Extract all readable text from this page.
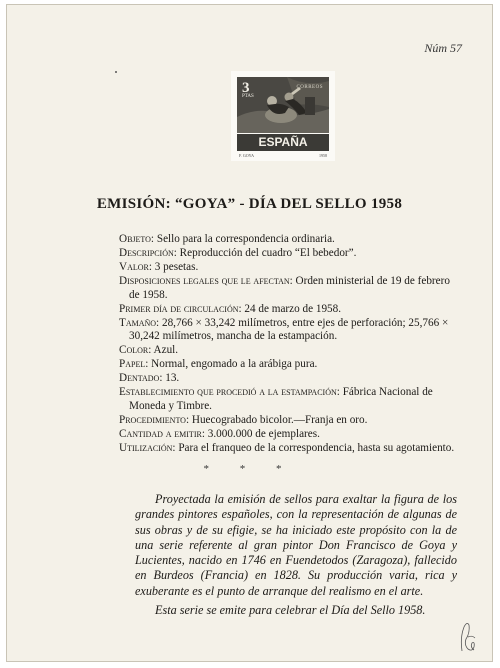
Núm 57
3
PTAS
CORREOS
ESPAÑA
F. GOYA	1958
EMISIÓN: “GOYA” - DÍA DEL SELLO 1958
Objeto: Sello para la correspondencia ordinaria.
Descripción: Reproducción del cuadro “El bebedor”.
Valor: 3 pesetas.
Disposiciones legales que le afectan: Orden ministerial de 19 de febrero de 1958.
Primer día de circulación: 24 de marzo de 1958.
Tamaño: 28,766 × 33,242 milímetros, entre ejes de perforación; 25,766 × 30,242 milímetros, mancha de la estampación.
Color: Azul.
Papel: Normal, engomado a la arábiga pura.
Dentado: 13.
Establecimiento que procedió a la estampación: Fábrica Nacional de Moneda y Timbre.
Procedimiento: Huecograbado bicolor.—Franja en oro.
Cantidad a emitir: 3.000.000 de ejemplares.
Utilización: Para el franqueo de la correspondencia, hasta su agotamiento.
* * *
Proyectada la emisión de sellos para exaltar la figura de los grandes pintores españoles, con la representación de algunas de sus obras y de su efigie, se ha iniciado este propósito con la de una serie referente al gran pintor Don Francisco de Goya y Lucientes, nacido en 1746 en Fuendetodos (Zaragoza), fallecido en Burdeos (Francia) en 1828. Su producción varia, rica y exuberante es el punto de arranque del realismo en el arte.
Esta serie se emite para celebrar el Día del Sello 1958.
